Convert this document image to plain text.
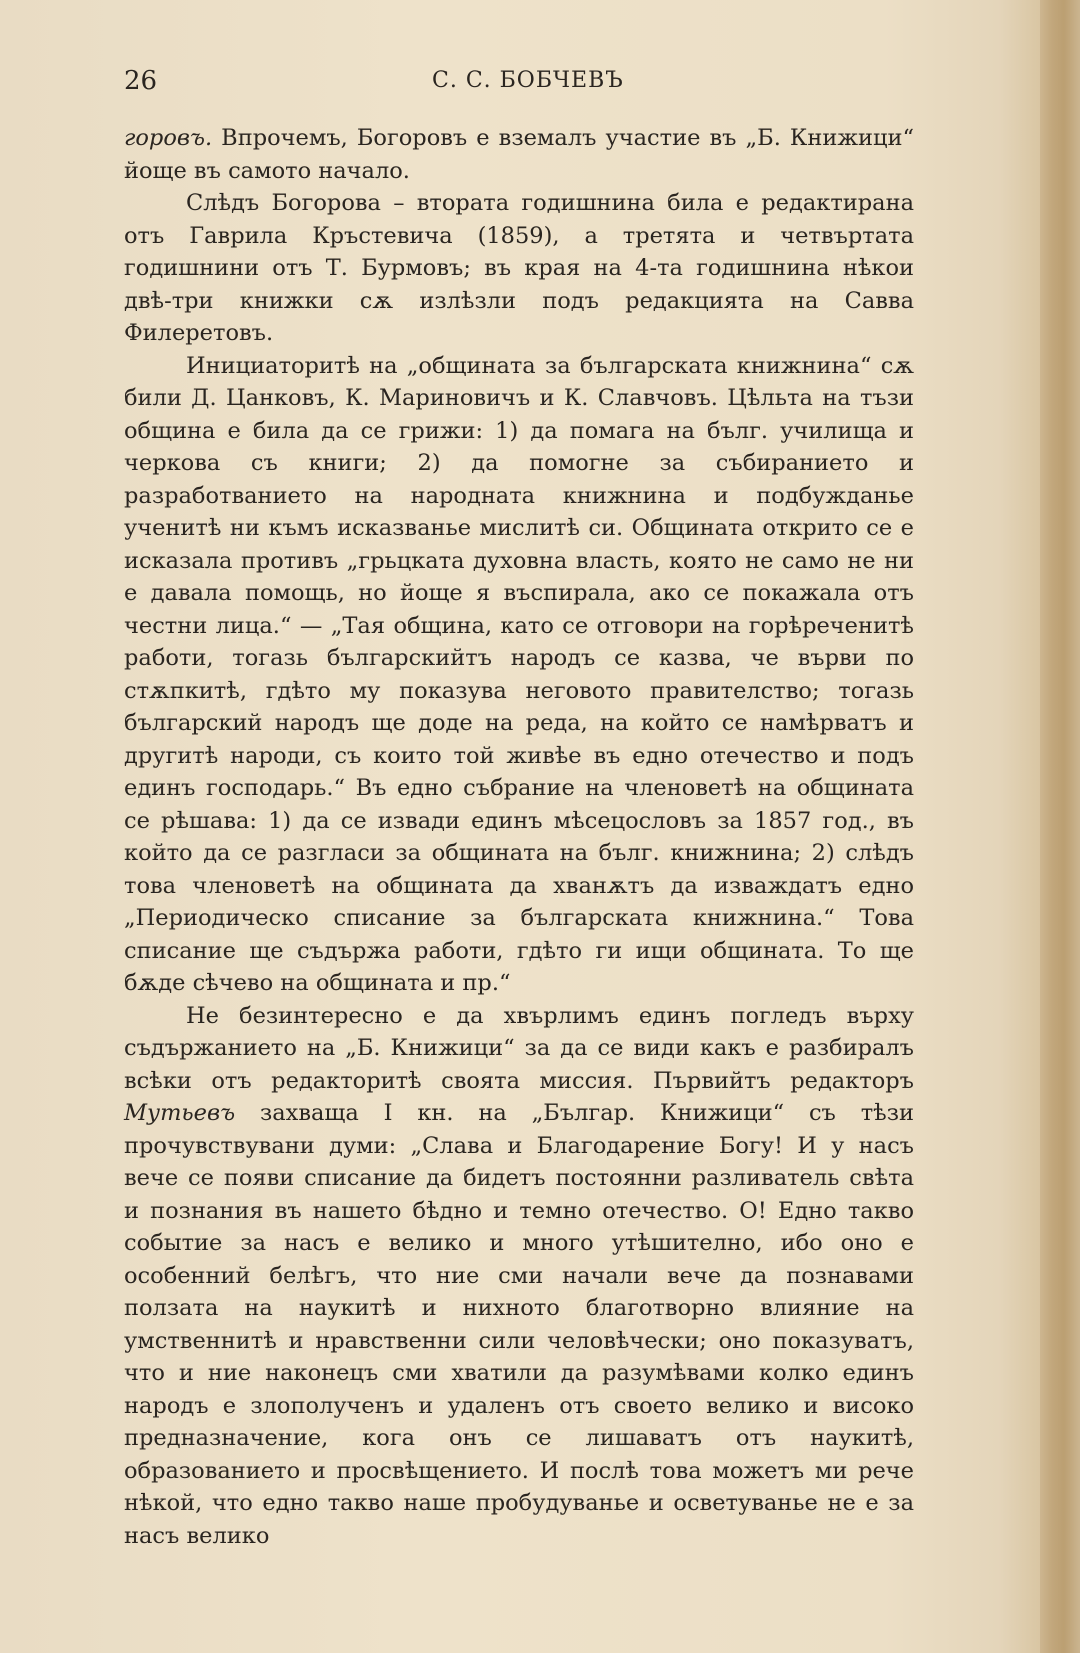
26	С. С. БОБЧЕВЪ

горовъ. Впрочемъ, Богоровъ е вземалъ участие въ „Б. Книжици“ йоще въ самото начало.

Слѣдъ Богорова – втората годишнина била е редактирана отъ Гаврилa Кръстевича (1859), а третята и четвъртата годишнини отъ Т. Бурмовъ; въ края на 4-та годишнина нѣкои двѣ-три книжки сѫ излѣзли подъ редакцията на Савва Филеретовъ.

Инициаторитѣ на „общината за българската книжнина“ сѫ били Д. Цанковъ, К. Мариновичъ и К. Славчовъ. Цѣльта на тъзи община е била да се грижи: 1) да помага на бълг. училища и черкова съ книги; 2) да помогне за събиранието и разработванието на народната книжнина и подбужданье ученитѣ ни къмъ исказванье мислитѣ си. Общината открито се е исказала противъ „грьцката духовна власть, която не само не ни е давала помощь, но йоще я въспирала, ако се покажала отъ честни лица.“ — „Тая община, като се отговори на горѣреченитѣ работи, тогазь българскийтъ народъ се казва, че върви по стѫпкитѣ, гдѣто му показува неговото правителство; тогазь българский народъ ще доде на реда, на който се намѣрватъ и другитѣ народи, съ които той живѣе въ едно отечество и подъ единъ господарь.“ Въ едно събрание на членоветѣ на общината се рѣшава: 1) да се извади единъ мѣсецословъ за 1857 год., въ който да се разгласи за общината на бълг. книжнина; 2) слѣдъ това членоветѣ на общината да хванѫтъ да изваждатъ едно „Периодическо списание за българската книжнина.“ Това списание ще съдържа работи, гдѣто ги ищи общината. То ще бѫде сѣчево на общината и пр.“

Не безинтересно е да хвърлимъ единъ погледъ върху съдържанието на „Б. Книжици“ за да се види какъ е разбиралъ всѣки отъ редакторитѣ своята миссия. Първийтъ редакторъ Мутьевъ захваща I кн. на „Българ. Книжици“ съ тѣзи прочувствувани думи: „Слава и Благодарение Богу! И у насъ вече се появи списание да бидетъ постоянни разливатель свѣта и познания въ нашето бѣдно и темно отечество. О! Едно такво событие за насъ е велико и много утѣшително, ибо оно е особенний белѣгъ, что ние сми начали вече да познавами ползата на наукитѣ и нихното благотворно влияние на умственнитѣ и нравственни сили человѣчески; оно показуватъ, что и ние наконецъ сми хватили да разумѣвами колко единъ народъ е злополученъ и удаленъ отъ своето велико и високо предназначение, кога онъ се лишаватъ отъ наукитѣ, образованието и просвѣщението. И послѣ това можетъ ми рече нѣкой, что едно такво наше пробудуванье и осветуванье не е за насъ велико
